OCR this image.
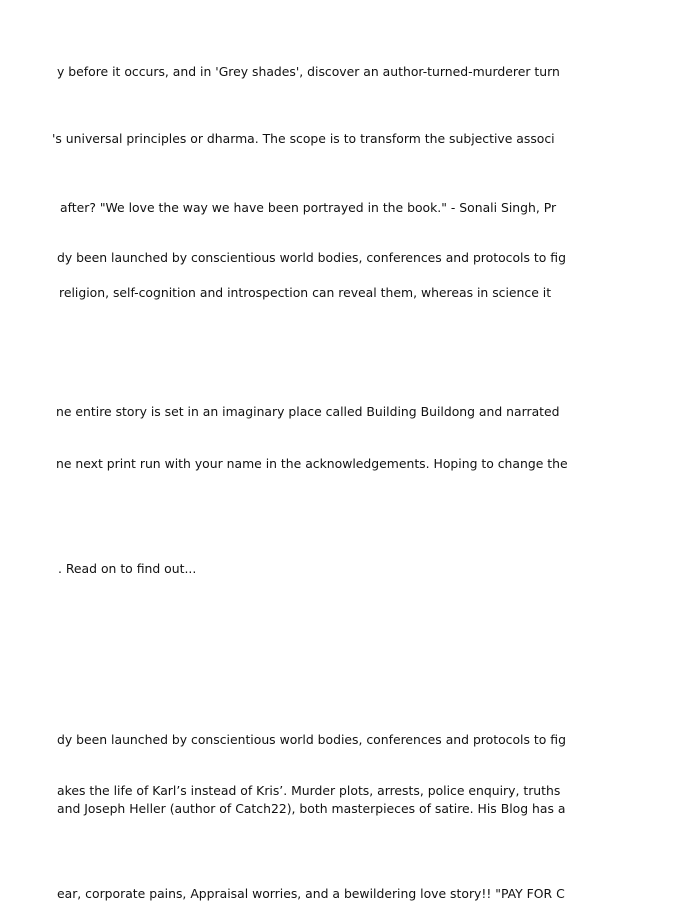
y before it occurs, and in 'Grey shades', discover an author-turned-murderer turn
's universal principles or dharma. The scope is to transform the subjective associ
after? "We love the way we have been portrayed in the book." - Sonali Singh, Pr
dy been launched by conscientious world bodies, conferences and protocols to fig
religion, self-cognition and introspection can reveal them, whereas in science it
ne entire story is set in an imaginary place called Building Buildong and narrated
ne next print run with your name in the acknowledgements. Hoping to change the
. Read on to find out...
dy been launched by conscientious world bodies, conferences and protocols to fig
akes the life of Karl’s instead of Kris’. Murder plots, arrests, police enquiry, truths
and Joseph Heller (author of Catch22), both masterpieces of satire. His Blog has a
ear, corporate pains, Appraisal worries, and a bewildering love story!! "PAY FOR C
